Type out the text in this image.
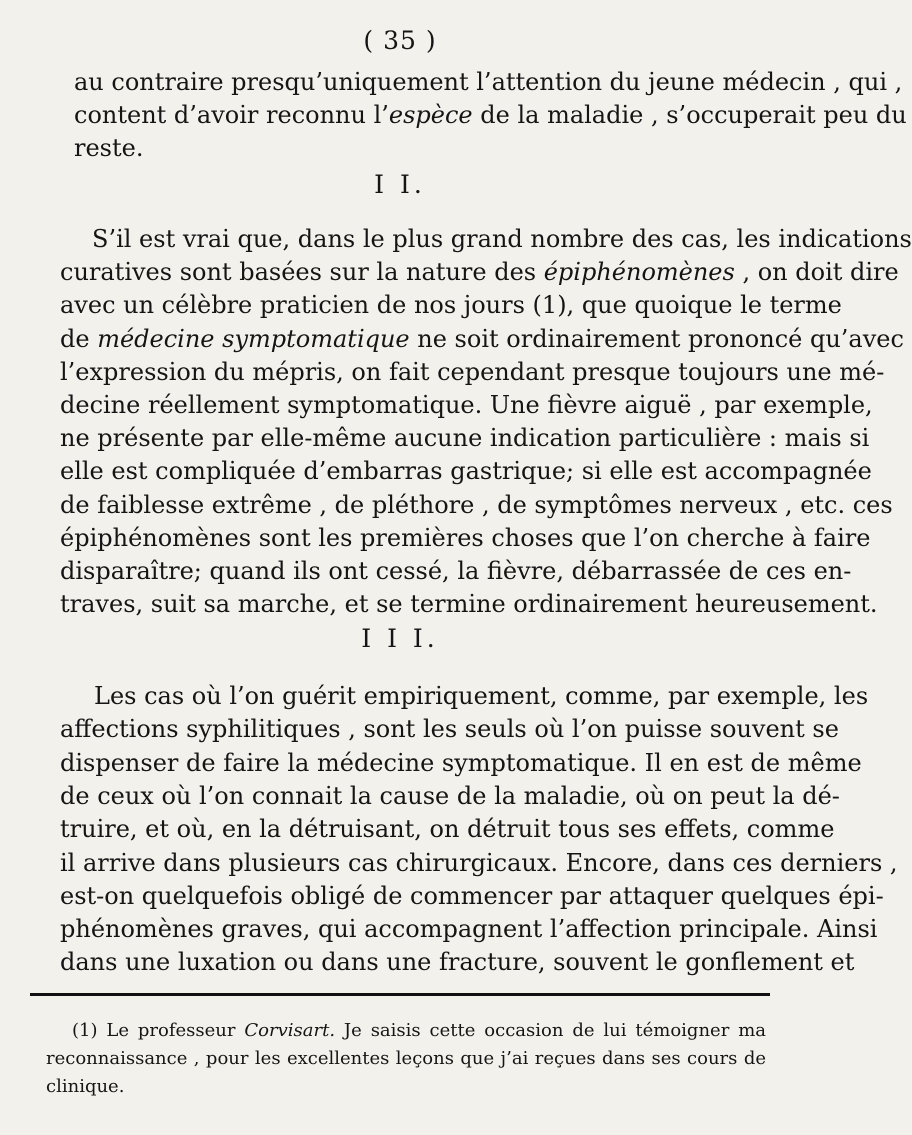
( 35 )
au contraire presqu’uniquement l’attention du jeune médecin , qui ,
content d’avoir reconnu l’espèce de la maladie , s’occuperait peu du
reste.
I I.
S’il est vrai que, dans le plus grand nombre des cas, les indications
curatives sont basées sur la nature des épiphénomènes , on doit dire
avec un célèbre praticien de nos jours (1), que quoique le terme
de médecine symptomatique ne soit ordinairement prononcé qu’avec
l’expression du mépris, on fait cependant presque toujours une mé-
decine réellement symptomatique. Une fièvre aiguë , par exemple,
ne présente par elle-même aucune indication particulière : mais si
elle est compliquée d’embarras gastrique; si elle est accompagnée
de faiblesse extrême , de pléthore , de symptômes nerveux , etc. ces
épiphénomènes sont les premières choses que l’on cherche à faire
disparaître; quand ils ont cessé, la fièvre, débarrassée de ces en-
traves, suit sa marche, et se termine ordinairement heureusement.
I I I.
Les cas où l’on guérit empiriquement, comme, par exemple, les
affections syphilitiques , sont les seuls où l’on puisse souvent se
dispenser de faire la médecine symptomatique. Il en est de même
de ceux où l’on connait la cause de la maladie, où on peut la dé-
truire, et où, en la détruisant, on détruit tous ses effets, comme
il arrive dans plusieurs cas chirurgicaux. Encore, dans ces derniers ,
est-on quelquefois obligé de commencer par attaquer quelques épi-
phénomènes graves, qui accompagnent l’affection principale. Ainsi
dans une luxation ou dans une fracture, souvent le gonflement et
(1) Le professeur Corvisart. Je saisis cette occasion de lui témoigner ma
reconnaissance , pour les excellentes leçons que j’ai reçues dans ses cours de
clinique.
